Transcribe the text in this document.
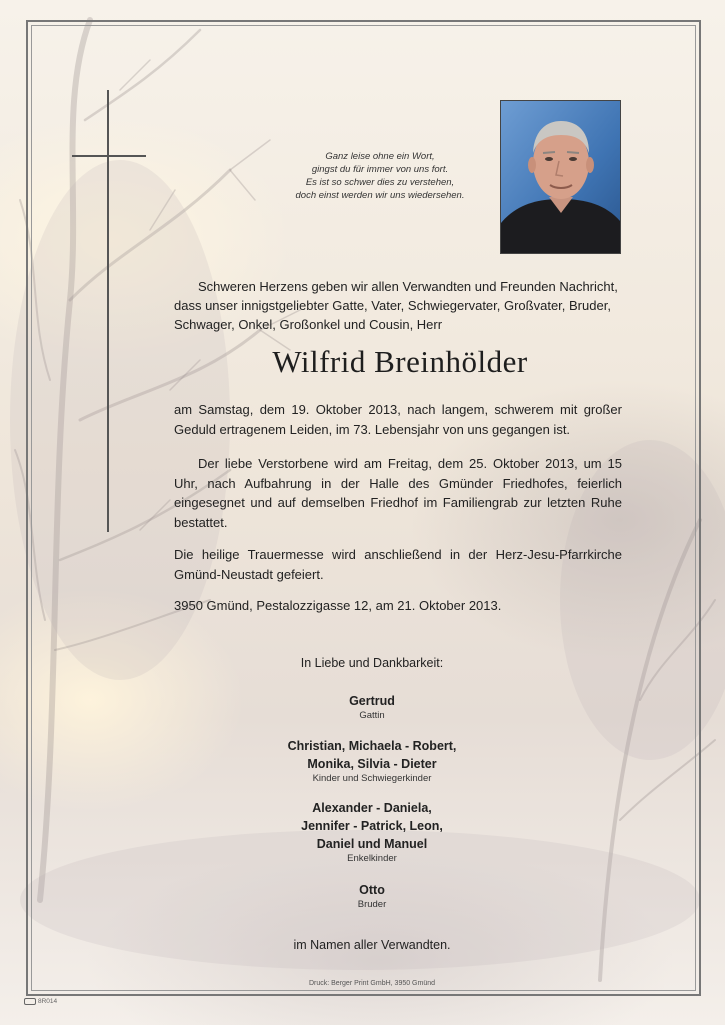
Ganz leise ohne ein Wort,
gingst du für immer von uns fort.
Es ist so schwer dies zu verstehen,
doch einst werden wir uns wiedersehen.
Schweren Herzens geben wir allen Verwandten und Freunden Nachricht,
dass unser innigstgeliebter Gatte, Vater, Schwiegervater, Großvater, Bruder,
Schwager, Onkel, Großonkel und Cousin, Herr
Wilfrid Breinhölder
am Samstag, dem 19. Oktober 2013, nach langem, schwerem mit großer Geduld ertragenem Leiden, im 73. Lebensjahr von uns gegangen ist.
Der liebe Verstorbene wird am Freitag, dem 25. Oktober 2013, um 15 Uhr, nach Aufbahrung in der Halle des Gmünder Friedhofes, feierlich eingesegnet und auf demselben Friedhof im Familiengrab zur letzten Ruhe bestattet.
Die heilige Trauermesse wird anschließend in der Herz-Jesu-Pfarrkirche Gmünd-Neustadt gefeiert.
3950 Gmünd, Pestalozzigasse 12, am 21. Oktober 2013.
In Liebe und Dankbarkeit:
Gertrud
Gattin
Christian, Michaela - Robert,
Monika, Silvia - Dieter
Kinder und Schwiegerkinder
Alexander - Daniela,
Jennifer - Patrick, Leon,
Daniel und Manuel
Enkelkinder
Otto
Bruder
im Namen aller Verwandten.
Druck: Berger Print GmbH, 3950 Gmünd
8R014
